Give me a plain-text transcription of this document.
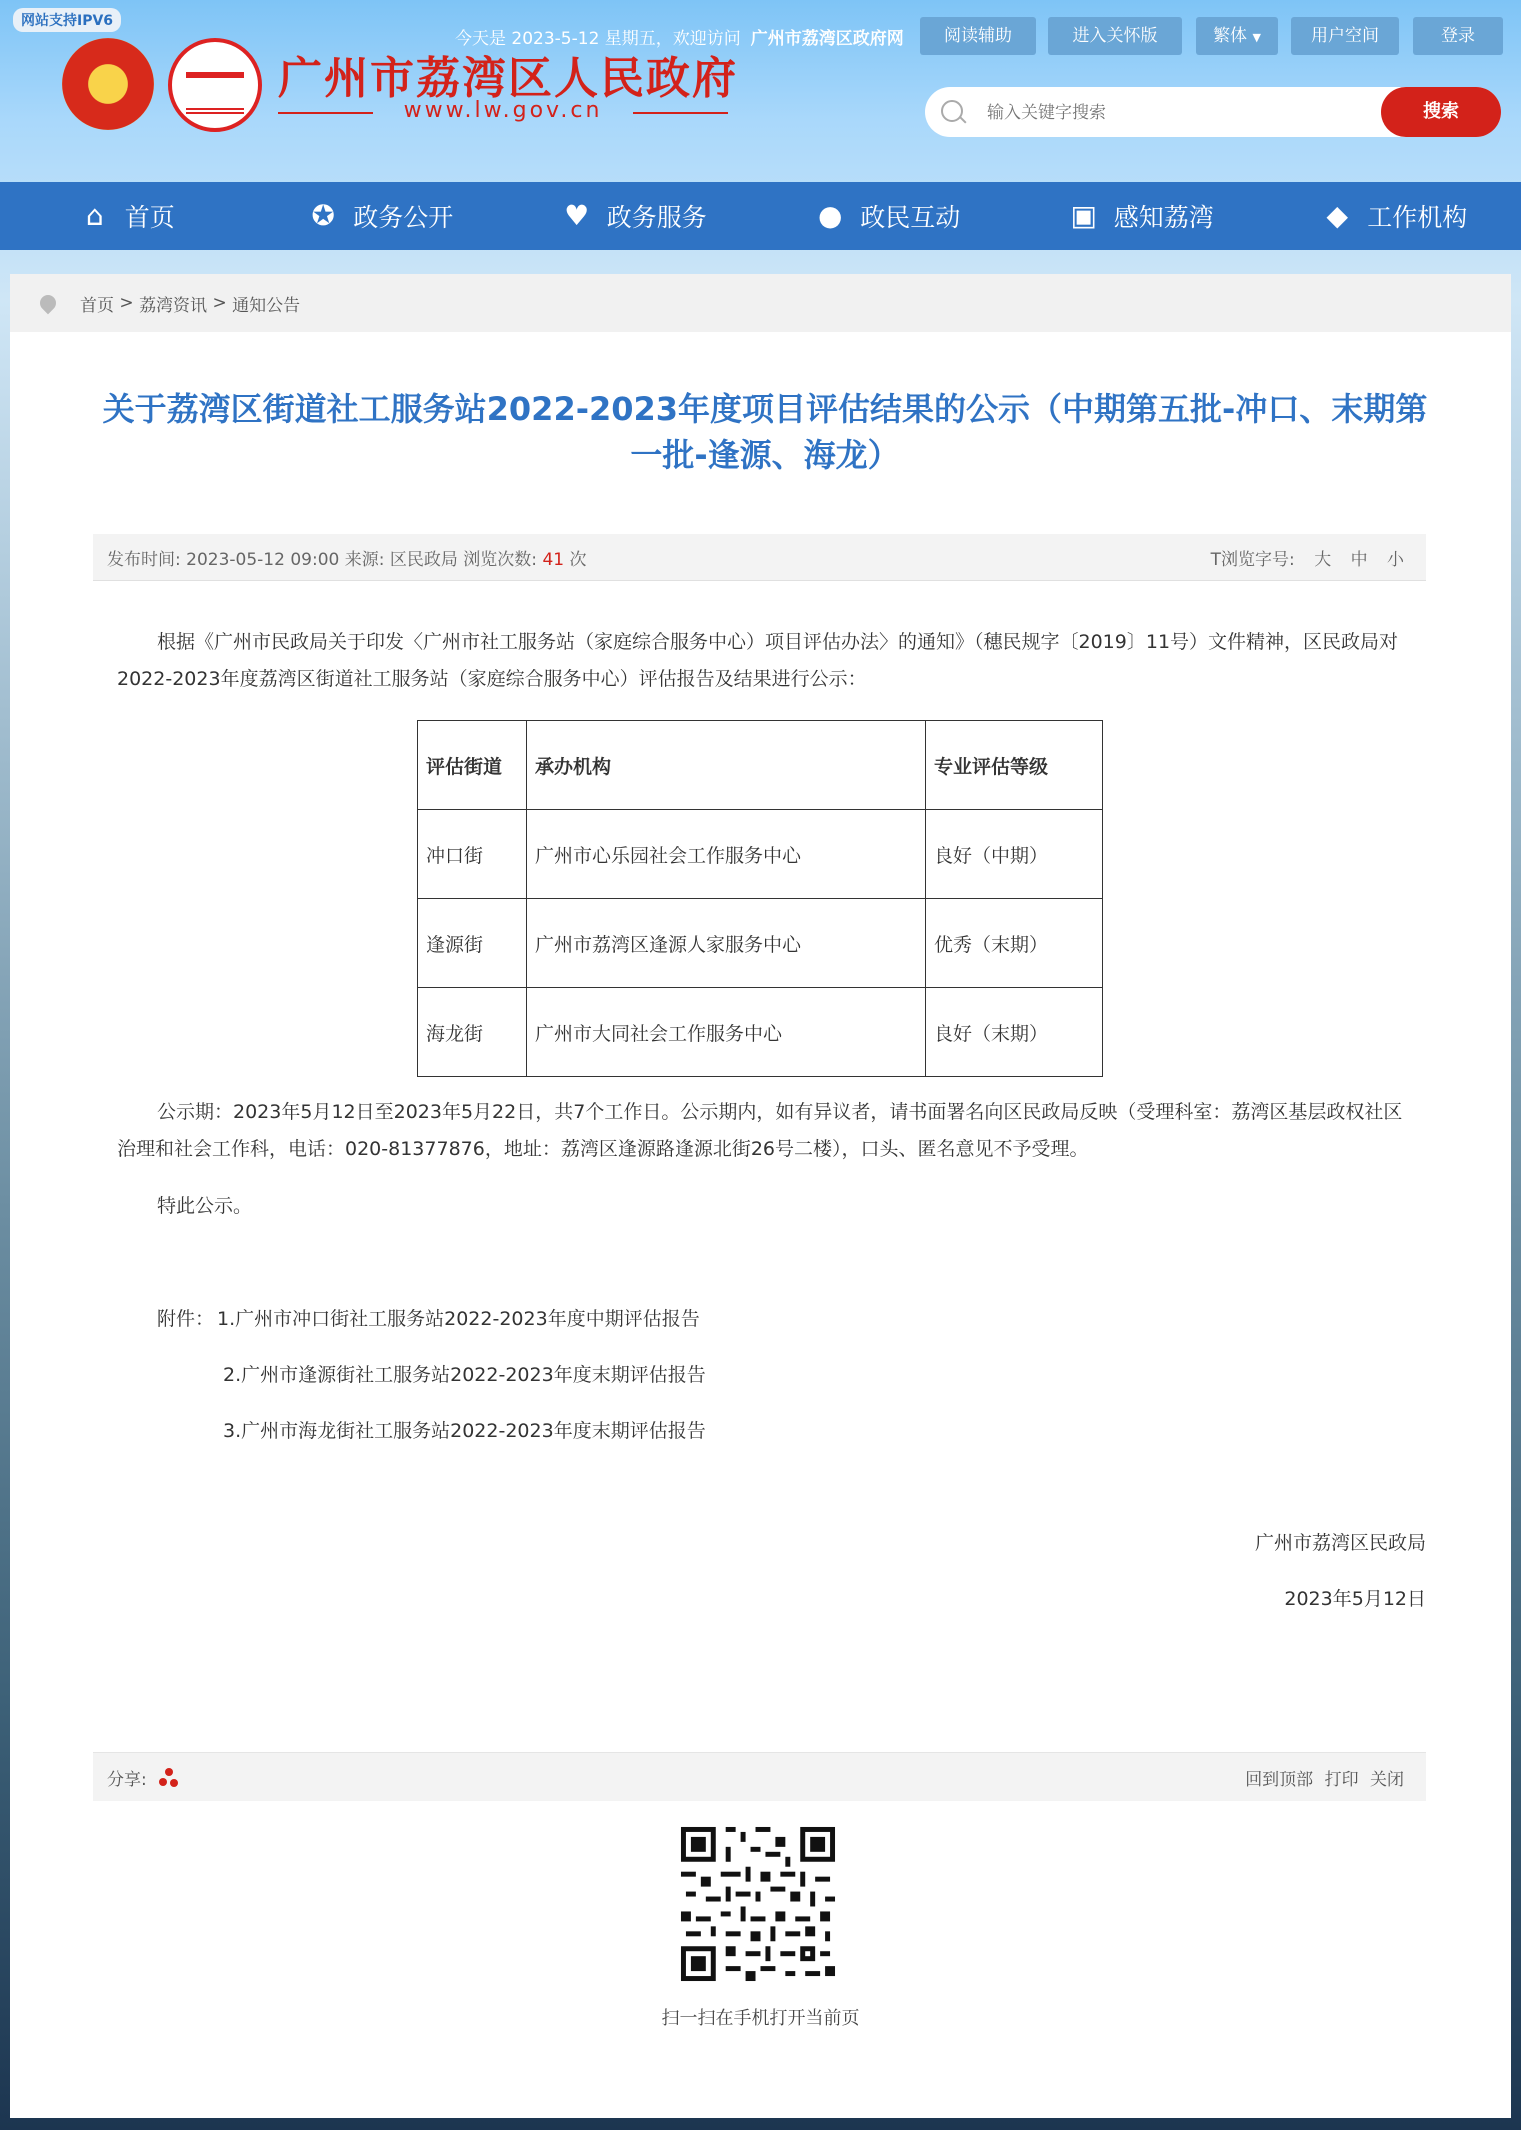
网站支持IPV6
广州市荔湾区人民政府
www.lw.gov.cn
今天是 2023-5-12 星期五，欢迎访问 广州市荔湾区政府网	阅读辅助	进入关怀版	繁体 ▼	用户空间	登录
输入关键字搜索
搜索
⌂ 首页	✪ 政务公开	♥ 政务服务	● 政民互动	▣ 感知荔湾	◆ 工作机构
首页 > 荔湾资讯 > 通知公告
关于荔湾区街道社工服务站2022-2023年度项目评估结果的公示（中期第五批-冲口、末期第一批-逢源、海龙）
发布时间: 2023-05-12 09:00 来源: 区民政局 浏览次数: 41 次	T浏览字号: 大 中 小
根据《广州市民政局关于印发〈广州市社工服务站（家庭综合服务中心）项目评估办法〉的通知》（穗民规字〔2019〕11号）文件精神，区民政局对2022-2023年度荔湾区街道社工服务站（家庭综合服务中心）评估报告及结果进行公示：
评估街道	承办机构	专业评估等级
冲口街	广州市心乐园社会工作服务中心	良好（中期）
逢源街	广州市荔湾区逢源人家服务中心	优秀（末期）
海龙街	广州市大同社会工作服务中心	良好（末期）
公示期：2023年5月12日至2023年5月22日，共7个工作日。公示期内，如有异议者，请书面署名向区民政局反映（受理科室：荔湾区基层政权社区治理和社会工作科，电话：020-81377876，地址：荔湾区逢源路逢源北街26号二楼），口头、匿名意见不予受理。
特此公示。
附件： 1.广州市冲口街社工服务站2022-2023年度中期评估报告
2.广州市逢源街社工服务站2022-2023年度末期评估报告
3.广州市海龙街社工服务站2022-2023年度末期评估报告
广州市荔湾区民政局
2023年5月12日
分享:	回到顶部 打印 关闭
扫一扫在手机打开当前页
